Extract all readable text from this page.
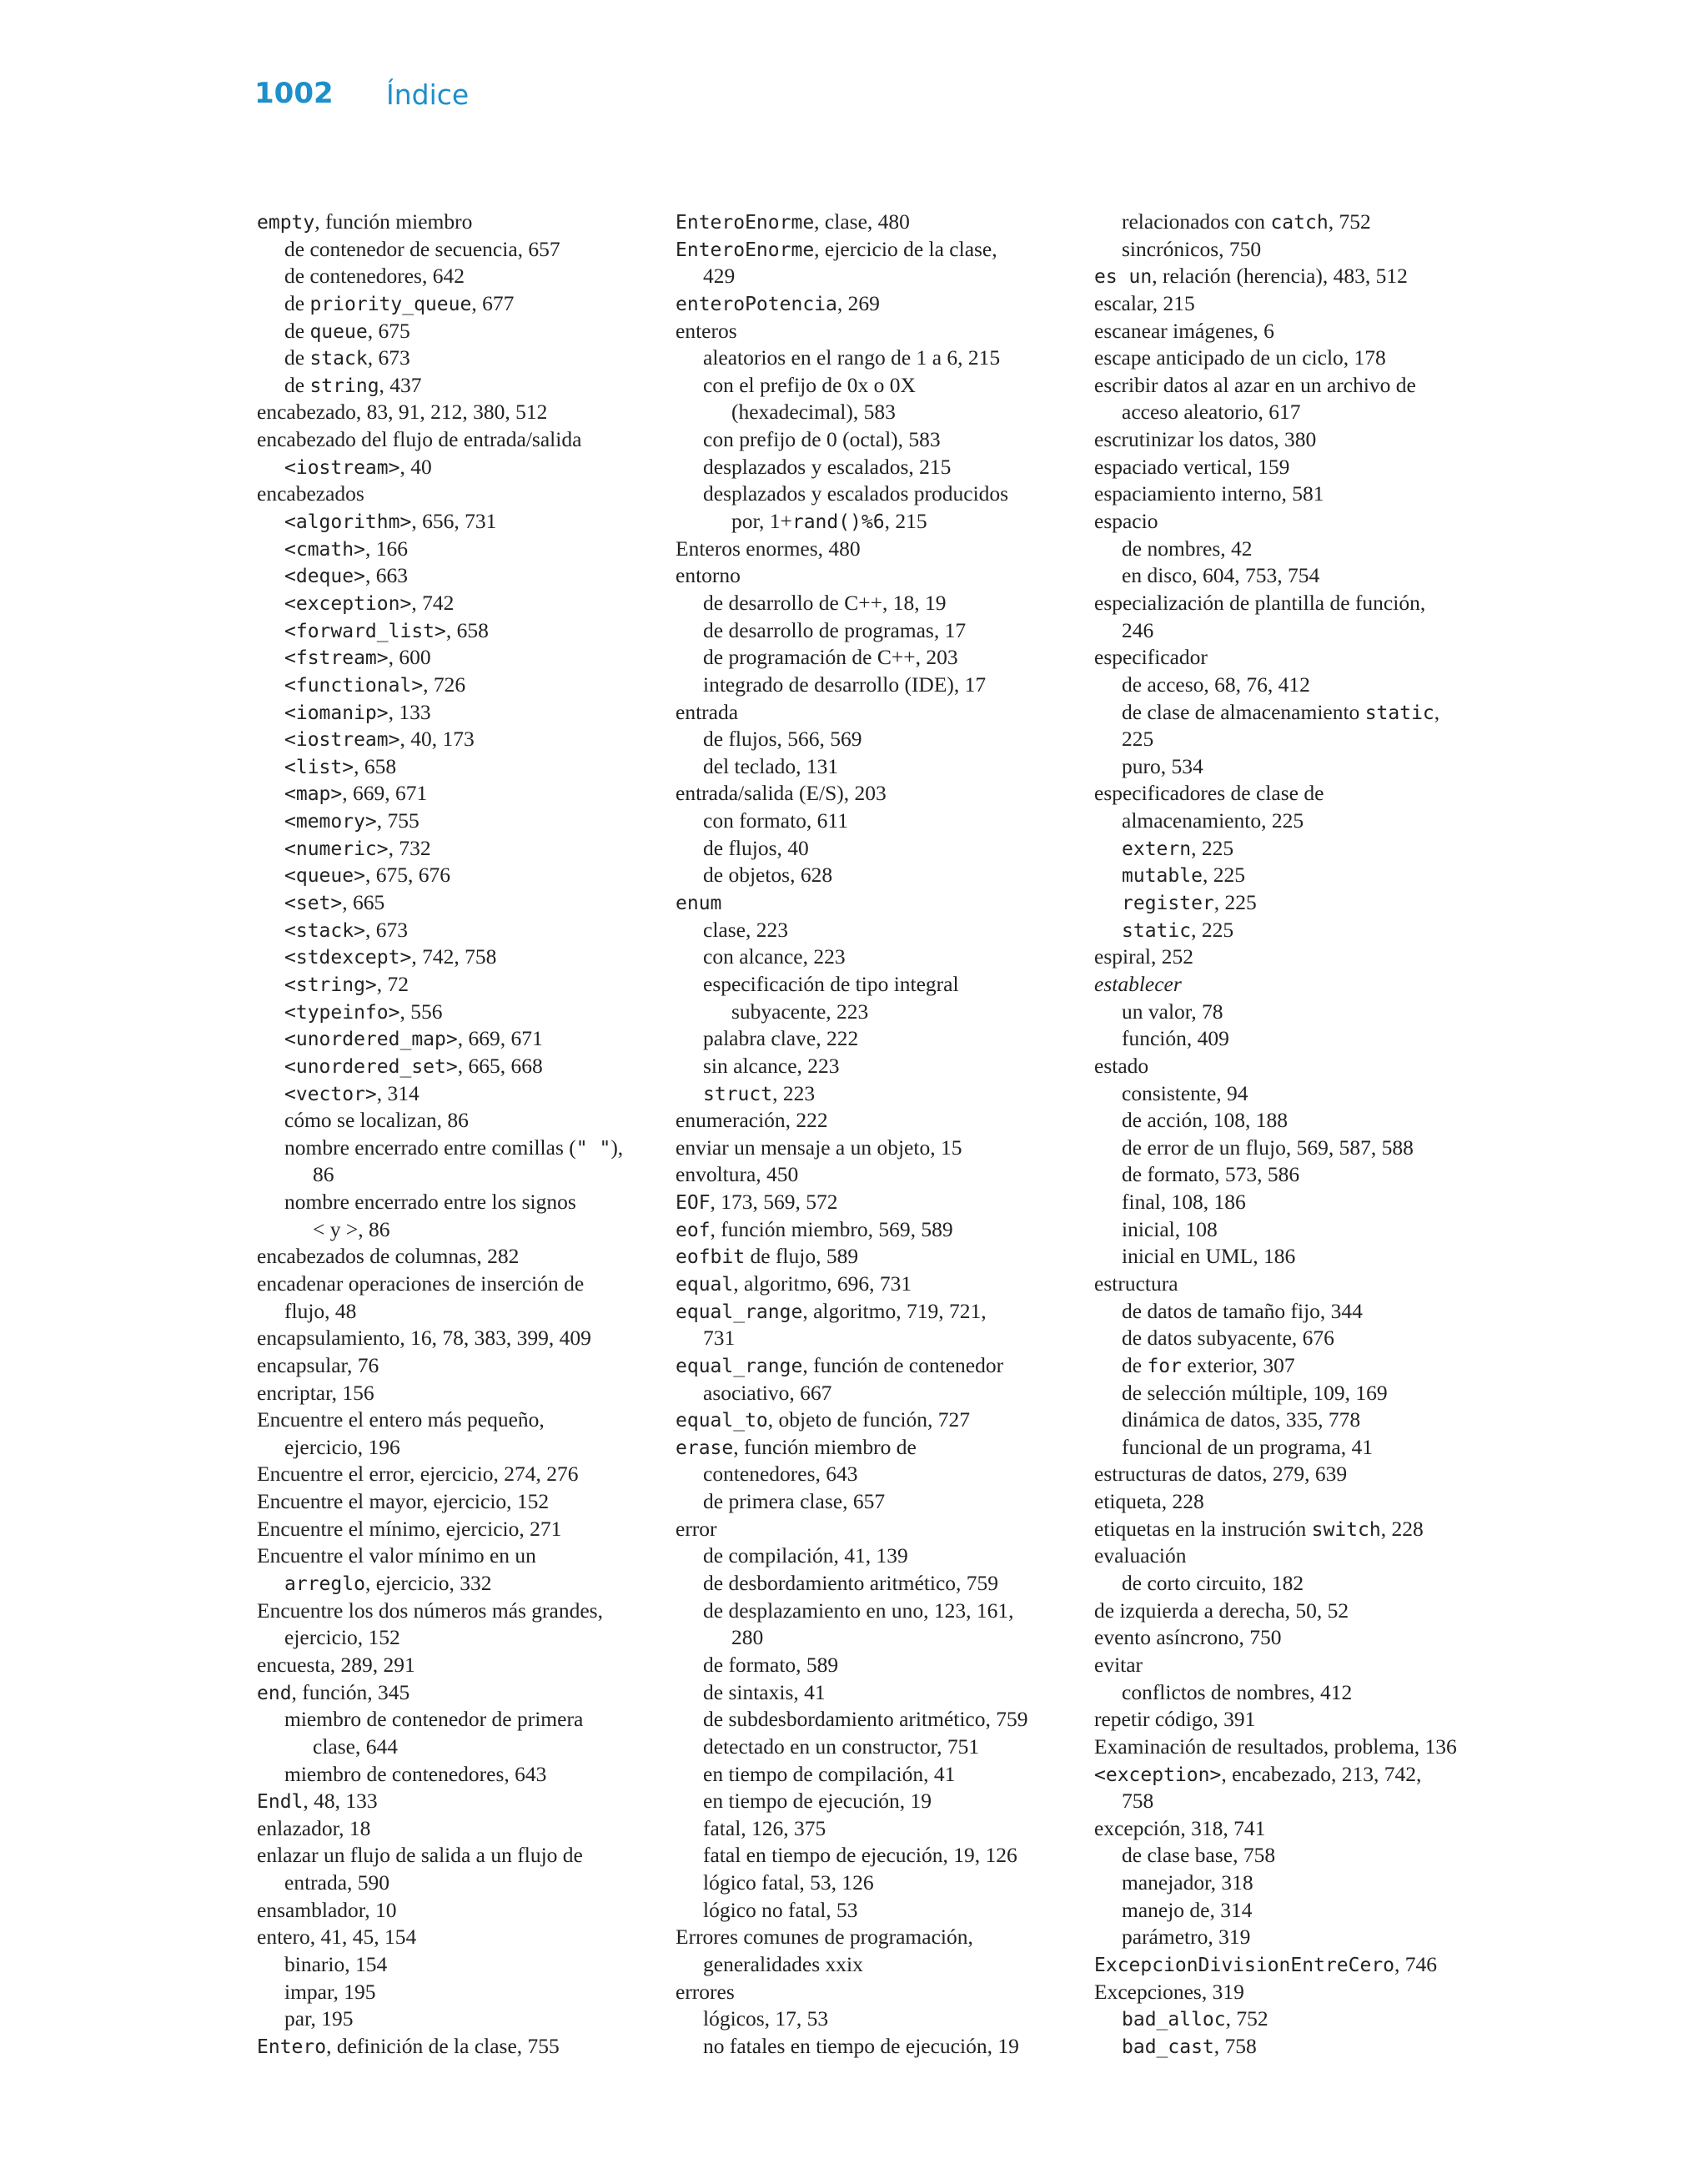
1002 Índice
empty, función miembro
de contenedor de secuencia, 657
de contenedores, 642
de priority_queue, 677
de queue, 675
de stack, 673
de string, 437
encabezado, 83, 91, 212, 380, 512
encabezado del flujo de entrada/salida
<iostream>, 40
encabezados
<algorithm>, 656, 731
<cmath>, 166
<deque>, 663
<exception>, 742
<forward_list>, 658
<fstream>, 600
<functional>, 726
<iomanip>, 133
<iostream>, 40, 173
<list>, 658
<map>, 669, 671
<memory>, 755
<numeric>, 732
<queue>, 675, 676
<set>, 665
<stack>, 673
<stdexcept>, 742, 758
<string>, 72
<typeinfo>, 556
<unordered_map>, 669, 671
<unordered_set>, 665, 668
<vector>, 314
cómo se localizan, 86
nombre encerrado entre comillas (" "),
86
nombre encerrado entre los signos
< y >, 86
encabezados de columnas, 282
encadenar operaciones de inserción de
flujo, 48
encapsulamiento, 16, 78, 383, 399, 409
encapsular, 76
encriptar, 156
Encuentre el entero más pequeño,
ejercicio, 196
Encuentre el error, ejercicio, 274, 276
Encuentre el mayor, ejercicio, 152
Encuentre el mínimo, ejercicio, 271
Encuentre el valor mínimo en un
arreglo, ejercicio, 332
Encuentre los dos números más grandes,
ejercicio, 152
encuesta, 289, 291
end, función, 345
miembro de contenedor de primera
clase, 644
miembro de contenedores, 643
Endl, 48, 133
enlazador, 18
enlazar un flujo de salida a un flujo de
entrada, 590
ensamblador, 10
entero, 41, 45, 154
binario, 154
impar, 195
par, 195
Entero, definición de la clase, 755
EnteroEnorme, clase, 480
EnteroEnorme, ejercicio de la clase,
429
enteroPotencia, 269
enteros
aleatorios en el rango de 1 a 6, 215
con el prefijo de 0x o 0X
(hexadecimal), 583
con prefijo de 0 (octal), 583
desplazados y escalados, 215
desplazados y escalados producidos
por, 1+rand()%6, 215
Enteros enormes, 480
entorno
de desarrollo de C++, 18, 19
de desarrollo de programas, 17
de programación de C++, 203
integrado de desarrollo (IDE), 17
entrada
de flujos, 566, 569
del teclado, 131
entrada/salida (E/S), 203
con formato, 611
de flujos, 40
de objetos, 628
enum
clase, 223
con alcance, 223
especificación de tipo integral
subyacente, 223
palabra clave, 222
sin alcance, 223
struct, 223
enumeración, 222
enviar un mensaje a un objeto, 15
envoltura, 450
EOF, 173, 569, 572
eof, función miembro, 569, 589
eofbit de flujo, 589
equal, algoritmo, 696, 731
equal_range, algoritmo, 719, 721,
731
equal_range, función de contenedor
asociativo, 667
equal_to, objeto de función, 727
erase, función miembro de
contenedores, 643
de primera clase, 657
error
de compilación, 41, 139
de desbordamiento aritmético, 759
de desplazamiento en uno, 123, 161,
280
de formato, 589
de sintaxis, 41
de subdesbordamiento aritmético, 759
detectado en un constructor, 751
en tiempo de compilación, 41
en tiempo de ejecución, 19
fatal, 126, 375
fatal en tiempo de ejecución, 19, 126
lógico fatal, 53, 126
lógico no fatal, 53
Errores comunes de programación,
generalidades xxix
errores
lógicos, 17, 53
no fatales en tiempo de ejecución, 19
relacionados con catch, 752
sincrónicos, 750
es un, relación (herencia), 483, 512
escalar, 215
escanear imágenes, 6
escape anticipado de un ciclo, 178
escribir datos al azar en un archivo de
acceso aleatorio, 617
escrutinizar los datos, 380
espaciado vertical, 159
espaciamiento interno, 581
espacio
de nombres, 42
en disco, 604, 753, 754
especialización de plantilla de función,
246
especificador
de acceso, 68, 76, 412
de clase de almacenamiento static,
225
puro, 534
especificadores de clase de
almacenamiento, 225
extern, 225
mutable, 225
register, 225
static, 225
espiral, 252
establecer
un valor, 78
función, 409
estado
consistente, 94
de acción, 108, 188
de error de un flujo, 569, 587, 588
de formato, 573, 586
final, 108, 186
inicial, 108
inicial en UML, 186
estructura
de datos de tamaño fijo, 344
de datos subyacente, 676
de for exterior, 307
de selección múltiple, 109, 169
dinámica de datos, 335, 778
funcional de un programa, 41
estructuras de datos, 279, 639
etiqueta, 228
etiquetas en la instrución switch, 228
evaluación
de corto circuito, 182
de izquierda a derecha, 50, 52
evento asíncrono, 750
evitar
conflictos de nombres, 412
repetir código, 391
Examinación de resultados, problema, 136
<exception>, encabezado, 213, 742,
758
excepción, 318, 741
de clase base, 758
manejador, 318
manejo de, 314
parámetro, 319
ExcepcionDivisionEntreCero, 746
Excepciones, 319
bad_alloc, 752
bad_cast, 758
